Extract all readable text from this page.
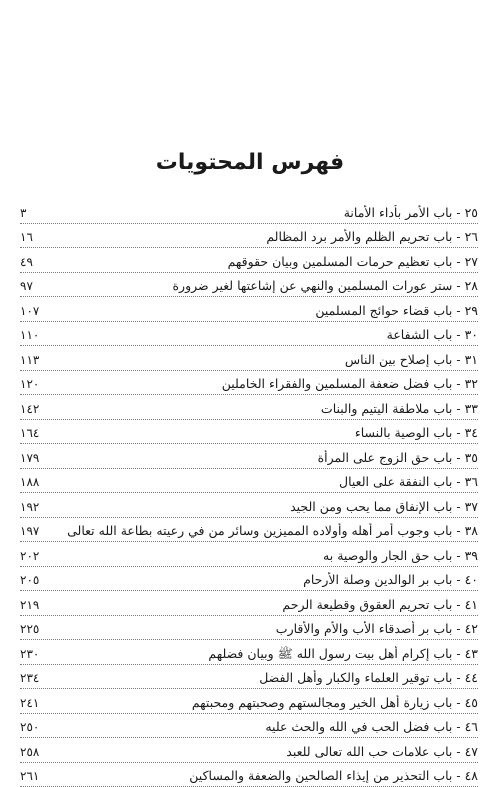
فهرس المحتويات
٢٥ - باب الأمر بأداء الأمانة
٣
٢٦ - باب تحريم الظلم والأمر برد المظالم
١٦
٢٧ - باب تعظيم حرمات المسلمين وبيان حقوقهم
٤٩
٢٨ - ستر عورات المسلمين والنهي عن إشاعتها لغير ضرورة
٩٧
٢٩ - باب قضاء حوائج المسلمين
١٠٧
٣٠ - باب الشفاعة
١١٠
٣١ - باب إصلاح بين الناس
١١٣
٣٢ - باب فضل ضعفة المسلمين والفقراء الخاملين
١٢٠
٣٣ - باب ملاطفة اليتيم والبنات
١٤٢
٣٤ - باب الوصية بالنساء
١٦٤
٣٥ - باب حق الزوج على المرأة
١٧٩
٣٦ - باب النفقة على العيال
١٨٨
٣٧ - باب الإنفاق مما يحب ومن الجيد
١٩٢
٣٨ - باب وجوب أمر أهله وأولاده المميزين وسائر من في رعيته بطاعة الله تعالى
١٩٧
٣٩ - باب حق الجار والوصية به
٢٠٢
٤٠ - باب بر الوالدين وصلة الأرحام
٢٠٥
٤١ - باب تحريم العقوق وقطيعة الرحم
٢١٩
٤٢ - باب بر أصدقاء الأب والأم والأقارب
٢٢٥
٤٣ - باب إكرام أهل بيت رسول الله ﷺ وبيان فضلهم
٢٣٠
٤٤ - باب توقير العلماء والكبار وأهل الفضل
٢٣٤
٤٥ - باب زيارة أهل الخير ومجالستهم وصحبتهم ومحبتهم
٢٤١
٤٦ - باب فضل الحب في الله والحث عليه
٢٥٠
٤٧ - باب علامات حب الله تعالى للعبد
٢٥٨
٤٨ - باب التحذير من إيذاء الصالحين والضعفة والمساكين
٢٦١
